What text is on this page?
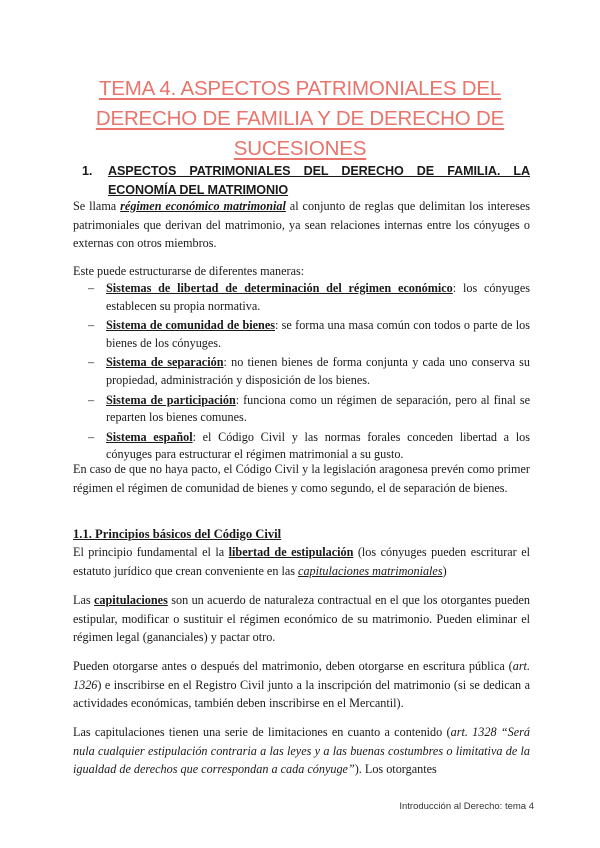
TEMA 4. ASPECTOS PATRIMONIALES DEL DERECHO DE FAMILIA Y DE DERECHO DE SUCESIONES
1.	ASPECTOS PATRIMONIALES DEL DERECHO DE FAMILIA. LA ECONOMÍA DEL MATRIMONIO

Se llama régimen económico matrimonial al conjunto de reglas que delimitan los intereses patrimoniales que derivan del matrimonio, ya sean relaciones internas entre los cónyuges o externas con otros miembros.

Este puede estructurarse de diferentes maneras:

– Sistemas de libertad de determinación del régimen económico: los cónyuges establecen su propia normativa.
– Sistema de comunidad de bienes: se forma una masa común con todos o parte de los bienes de los cónyuges.
– Sistema de separación: no tienen bienes de forma conjunta y cada uno conserva su propiedad, administración y disposición de los bienes.
– Sistema de participación: funciona como un régimen de separación, pero al final se reparten los bienes comunes.
– Sistema español: el Código Civil y las normas forales conceden libertad a los cónyuges para estructurar el régimen matrimonial a su gusto.

En caso de que no haya pacto, el Código Civil y la legislación aragonesa prevén como primer régimen el régimen de comunidad de bienes y como segundo, el de separación de bienes.

1.1. Principios básicos del Código Civil

El principio fundamental el la libertad de estipulación (los cónyuges pueden escriturar el estatuto jurídico que crean conveniente en las capitulaciones matrimoniales)

Las capitulaciones son un acuerdo de naturaleza contractual en el que los otorgantes pueden estipular, modificar o sustituir el régimen económico de su matrimonio. Pueden eliminar el régimen legal (gananciales) y pactar otro.

Pueden otorgarse antes o después del matrimonio, deben otorgarse en escritura pública (art. 1326) e inscribirse en el Registro Civil junto a la inscripción del matrimonio (si se dedican a actividades económicas, también deben inscribirse en el Mercantil).

Las capitulaciones tienen una serie de limitaciones en cuanto a contenido (art. 1328 “Será nula cualquier estipulación contraria a las leyes y a las buenas costumbres o limitativa de la igualdad de derechos que correspondan a cada cónyuge”). Los otorgantes

Introducción al Derecho: tema 4
